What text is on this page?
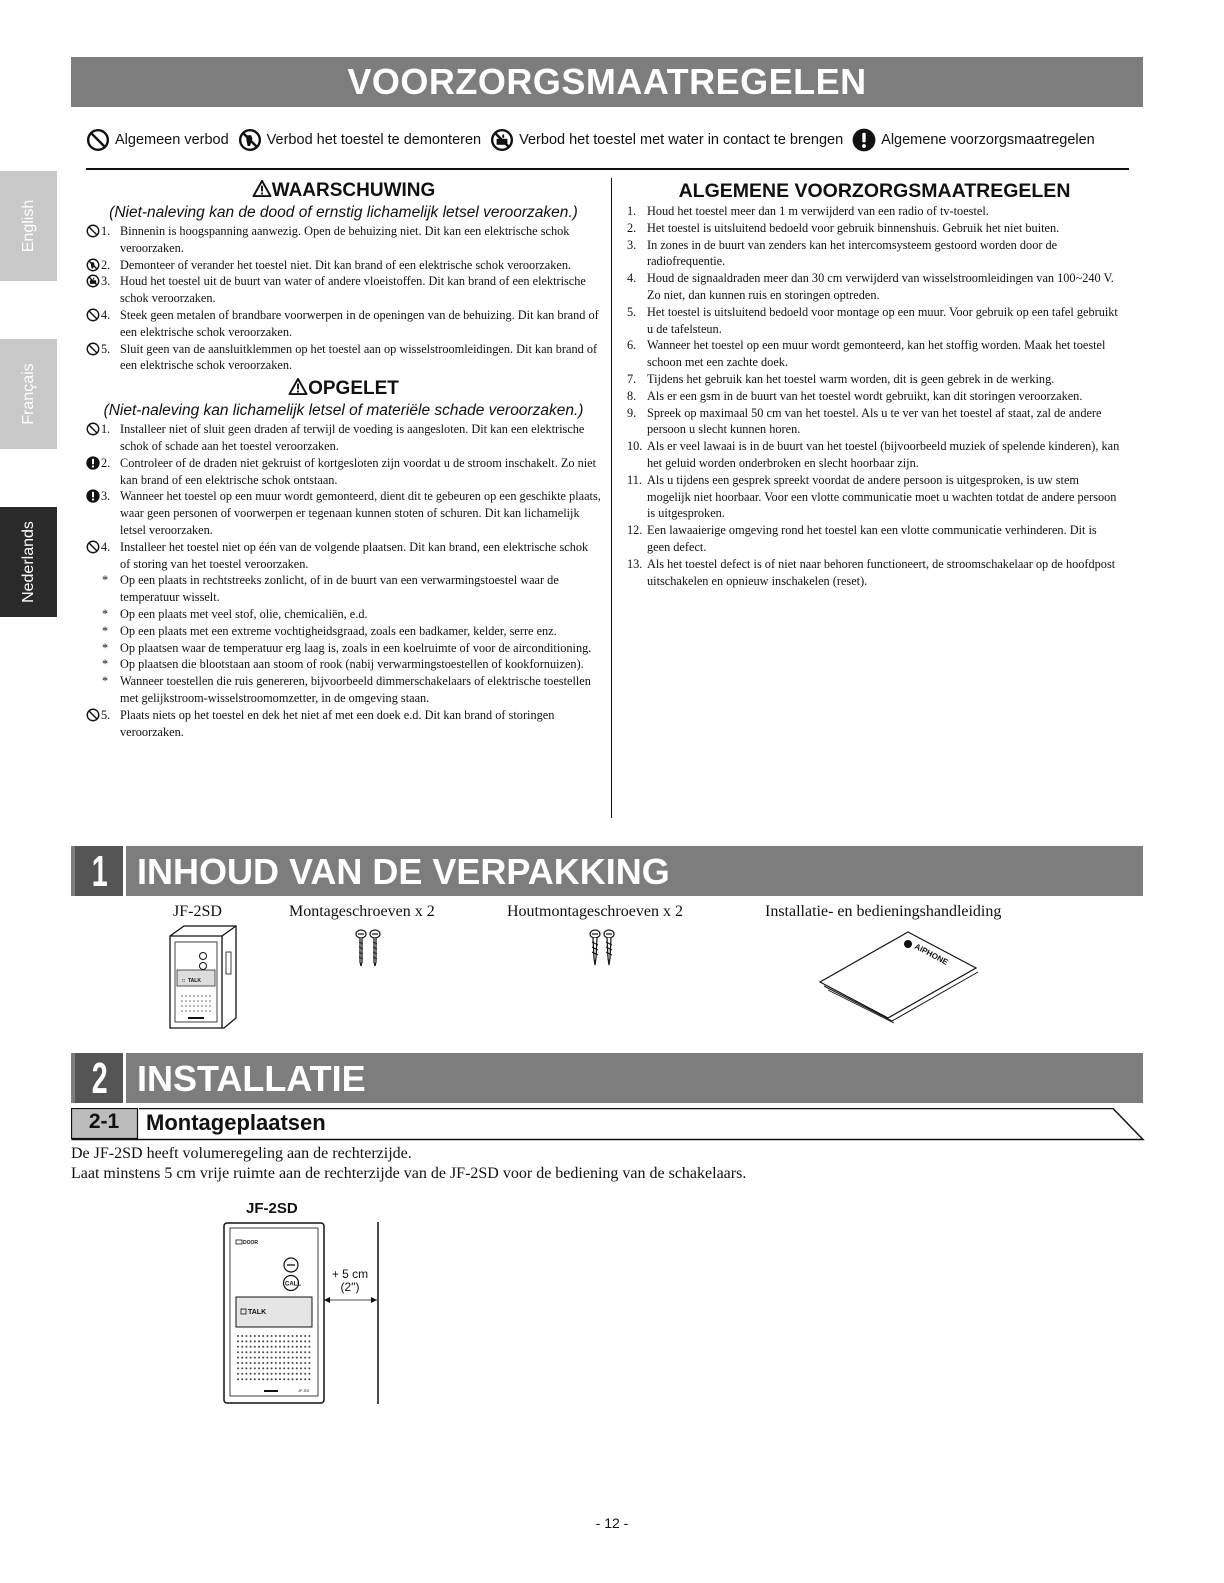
VOORZORGSMAATREGELEN
Algemeen verbod	Verbod het toestel te demonteren	Verbod het toestel met water in contact te brengen	Algemene voorzorgsmaatregelen
English
Français
Nederlands
WAARSCHUWING
(Niet-naleving kan de dood of ernstig lichamelijk letsel veroorzaken.)
1. Binnenin is hoogspanning aanwezig. Open de behuizing niet. Dit kan een elektrische schok veroorzaken.
2. Demonteer of verander het toestel niet. Dit kan brand of een elektrische schok veroorzaken.
3. Houd het toestel uit de buurt van water of andere vloeistoffen. Dit kan brand of een elektrische schok veroorzaken.
4. Steek geen metalen of brandbare voorwerpen in de openingen van de behuizing. Dit kan brand of een elektrische schok veroorzaken.
5. Sluit geen van de aansluitklemmen op het toestel aan op wisselstroomleidingen. Dit kan brand of een elektrische schok veroorzaken.
OPGELET
(Niet-naleving kan lichamelijk letsel of materiële schade veroorzaken.)
1. Installeer niet of sluit geen draden af terwijl de voeding is aangesloten. Dit kan een elektrische schok of schade aan het toestel veroorzaken.
2. Controleer of de draden niet gekruist of kortgesloten zijn voordat u de stroom inschakelt. Zo niet kan brand of een elektrische schok ontstaan.
3. Wanneer het toestel op een muur wordt gemonteerd, dient dit te gebeuren op een geschikte plaats, waar geen personen of voorwerpen er tegenaan kunnen stoten of schuren. Dit kan lichamelijk letsel veroorzaken.
4. Installeer het toestel niet op één van de volgende plaatsen. Dit kan brand, een elektrische schok of storing van het toestel veroorzaken.
* Op een plaats in rechtstreeks zonlicht, of in de buurt van een verwarmingstoestel waar de temperatuur wisselt.
* Op een plaats met veel stof, olie, chemicaliën, e.d.
* Op een plaats met een extreme vochtigheidsgraad, zoals een badkamer, kelder, serre enz.
* Op plaatsen waar de temperatuur erg laag is, zoals in een koelruimte of voor de airconditioning.
* Op plaatsen die blootstaan aan stoom of rook (nabij verwarmingstoestellen of kookfornuizen).
* Wanneer toestellen die ruis genereren, bijvoorbeeld dimmerschakelaars of elektrische toestellen met gelijkstroom-wisselstroomomzetter, in de omgeving staan.
5. Plaats niets op het toestel en dek het niet af met een doek e.d. Dit kan brand of storingen veroorzaken.
ALGEMENE VOORZORGSMAATREGELEN
1. Houd het toestel meer dan 1 m verwijderd van een radio of tv-toestel.
2. Het toestel is uitsluitend bedoeld voor gebruik binnenshuis. Gebruik het niet buiten.
3. In zones in de buurt van zenders kan het intercomsysteem gestoord worden door de radiofrequentie.
4. Houd de signaaldraden meer dan 30 cm verwijderd van wisselstroomleidingen van 100~240 V. Zo niet, dan kunnen ruis en storingen optreden.
5. Het toestel is uitsluitend bedoeld voor montage op een muur. Voor gebruik op een tafel gebruikt u de tafelsteun.
6. Wanneer het toestel op een muur wordt gemonteerd, kan het stoffig worden. Maak het toestel schoon met een zachte doek.
7. Tijdens het gebruik kan het toestel warm worden, dit is geen gebrek in de werking.
8. Als er een gsm in de buurt van het toestel wordt gebruikt, kan dit storingen veroorzaken.
9. Spreek op maximaal 50 cm van het toestel. Als u te ver van het toestel af staat, zal de andere persoon u slecht kunnen horen.
10. Als er veel lawaai is in de buurt van het toestel (bijvoorbeeld muziek of spelende kinderen), kan het geluid worden onderbroken en slecht hoorbaar zijn.
11. Als u tijdens een gesprek spreekt voordat de andere persoon is uitgesproken, is uw stem mogelijk niet hoorbaar. Voor een vlotte communicatie moet u wachten totdat de andere persoon is uitgesproken.
12. Een lawaaierige omgeving rond het toestel kan een vlotte communicatie verhinderen. Dit is geen defect.
13. Als het toestel defect is of niet naar behoren functioneert, de stroomschakelaar op de hoofdpost uitschakelen en opnieuw inschakelen (reset).
1 INHOUD VAN DE VERPAKKING
JF-2SD	Montageschroeven x 2	Houtmontageschroeven x 2	Installatie- en bedieningshandleiding
□ TALK
AIPHONE
2 INSTALLATIE
2-1	Montageplaatsen
De JF-2SD heeft volumeregeling aan de rechterzijde.
Laat minstens 5 cm vrije ruimte aan de rechterzijde van de JF-2SD voor de bediening van de schakelaars.
JF-2SD
DOOR
CALL
TALK
JF-SD
+ 5 cm
(2")
- 12 -
